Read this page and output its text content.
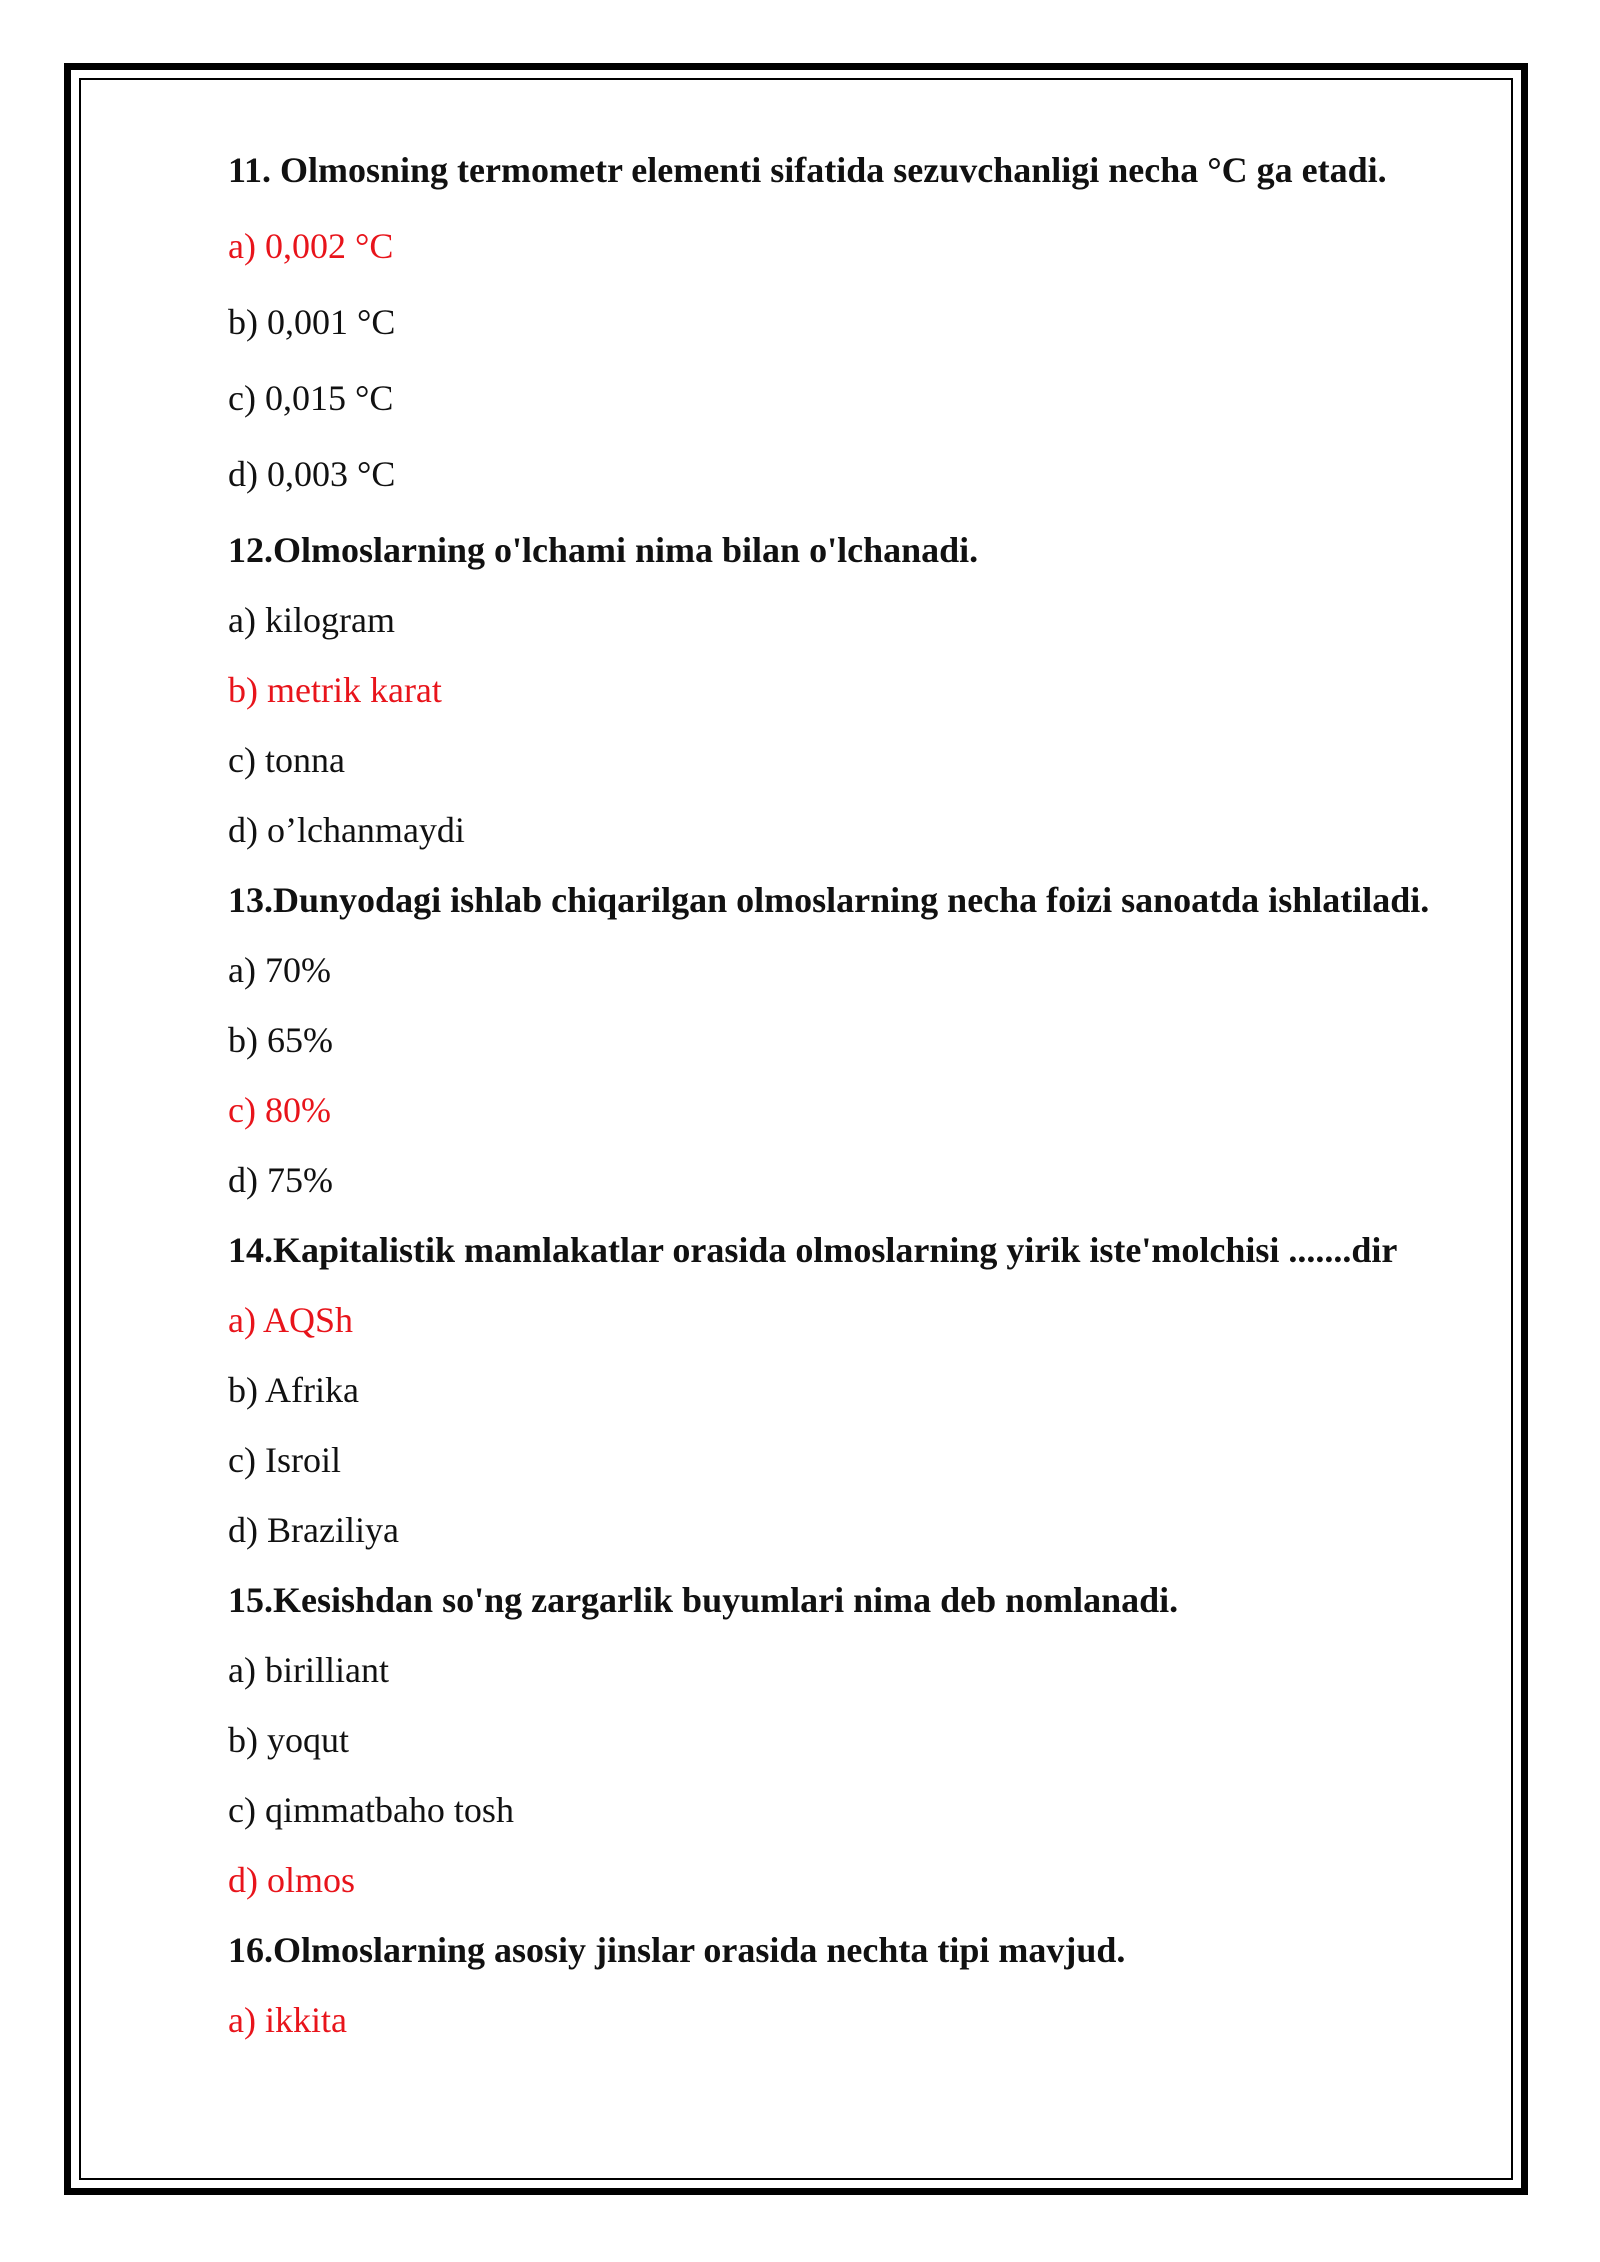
11. Olmosning termometr elementi sifatida sezuvchanligi necha °C ga etadi.

a) 0,002 °C

b) 0,001 °C

c) 0,015 °C

d) 0,003 °C

12.Olmoslarning o'lchami nima bilan o'lchanadi.

a) kilogram

b) metrik karat

c) tonna

d) o’lchanmaydi

13.Dunyodagi ishlab chiqarilgan olmoslarning necha foizi sanoatda ishlatiladi.

a) 70%

b) 65%

c) 80%

d) 75%

14.Kapitalistik mamlakatlar orasida olmoslarning yirik iste'molchisi .......dir

a) AQSh

b) Afrika

c) Isroil

d) Braziliya

15.Kesishdan so'ng zargarlik buyumlari nima deb nomlanadi.

a) birilliant

b) yoqut

c) qimmatbaho tosh

d) olmos

16.Olmoslarning asosiy jinslar orasida nechta tipi mavjud.

a) ikkita
